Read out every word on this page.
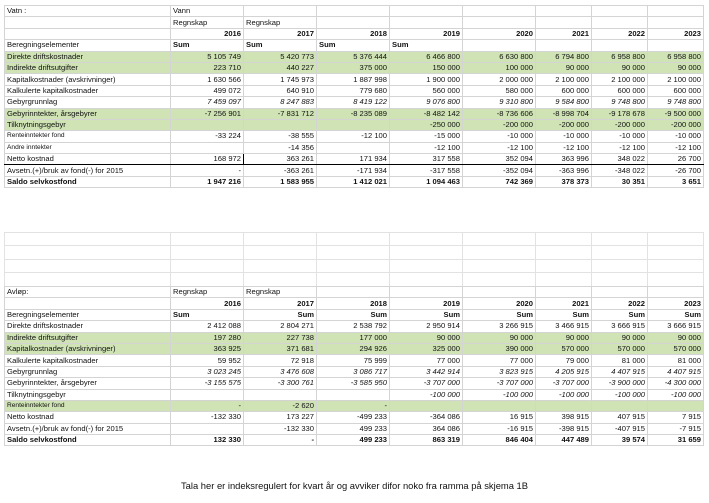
Vatn :	Vann							
	Regnskap	Regnskap						
	2016	2017	2018	2019	2020	2021	2022	2023
Beregningselementer	Sum	Sum	Sum	Sum				
Direkte driftskostnader	5 105 749	5 420 773	5 376 444	6 466 800	6 630 800	6 794 800	6 958 800	6 958 800
Indirekte driftsutgifter	223 710	440 227	375 000	150 000	100 000	90 000	90 000	90 000
Kapitalkostnader (avskrivninger)	1 630 566	1 745 973	1 887 998	1 900 000	2 000 000	2 100 000	2 100 000	2 100 000
Kalkulerte kapitalkostnader	499 072	640 910	779 680	560 000	580 000	600 000	600 000	600 000
Gebyrgrunnlag	7 459 097	8 247 883	8 419 122	9 076 800	9 310 800	9 584 800	9 748 800	9 748 800
Gebyrinntekter, årsgebyrer	-7 256 901	-7 831 712	-8 235 089	-8 482 142	-8 736 606	-8 998 704	-9 178 678	-9 500 000
Tilknytningsgebyr				-250 000	-200 000	-200 000	-200 000	-200 000
Renteinntekter fond	-33 224	-38 555	-12 100	-15 000	-10 000	-10 000	-10 000	-10 000
Andre inntekter		-14 356		-12 100	-12 100	-12 100	-12 100	-12 100
Netto kostnad	168 972	363 261	171 934	317 558	352 094	363 996	348 022	26 700
Avsetn.(+)/bruk av fond(-) for 2015	-	-363 261	-171 934	-317 558	-352 094	-363 996	-348 022	-26 700
Saldo selvkostfond	1 947 216	1 583 955	1 412 021	1 094 463	742 369	378 373	30 351	3 651

Avløp:	Regnskap	Regnskap						
	2016	2017	2018	2019	2020	2021	2022	2023
Beregningselementer	Sum	Sum	Sum	Sum	Sum	Sum	Sum	Sum
Direkte driftskostnader	2 412 088	2 804 271	2 538 792	2 950 914	3 266 915	3 466 915	3 666 915	3 666 915
Indirekte driftsutgifter	197 280	227 738	177 000	90 000	90 000	90 000	90 000	90 000
Kapitalkostnader (avskrivninger)	363 925	371 681	294 926	325 000	390 000	570 000	570 000	570 000
Kalkulerte kapitalkostnader	59 952	72 918	75 999	77 000	77 000	79 000	81 000	81 000
Gebyrgrunnlag	3 023 245	3 476 608	3 086 717	3 442 914	3 823 915	4 205 915	4 407 915	4 407 915
Gebyrinntekter, årsgebyrer	-3 155 575	-3 300 761	-3 585 950	-3 707 000	-3 707 000	-3 707 000	-3 900 000	-4 300 000
Tilknytningsgebyr				-100 000	-100 000	-100 000	-100 000	-100 000
Renteinntekter fond	-	-2 620	-					
Netto kostnad	-132 330	173 227	-499 233	-364 086	16 915	398 915	407 915	7 915
Avsetn.(+)/bruk av fond(-) for 2015		-132 330	499 233	364 086	-16 915	-398 915	-407 915	-7 915
Saldo selvkostfond	132 330	-	499 233	863 319	846 404	447 489	39 574	31 659
Tala her er indeksregulert for kvart år og avviker difor noko fra ramma på skjema 1B
